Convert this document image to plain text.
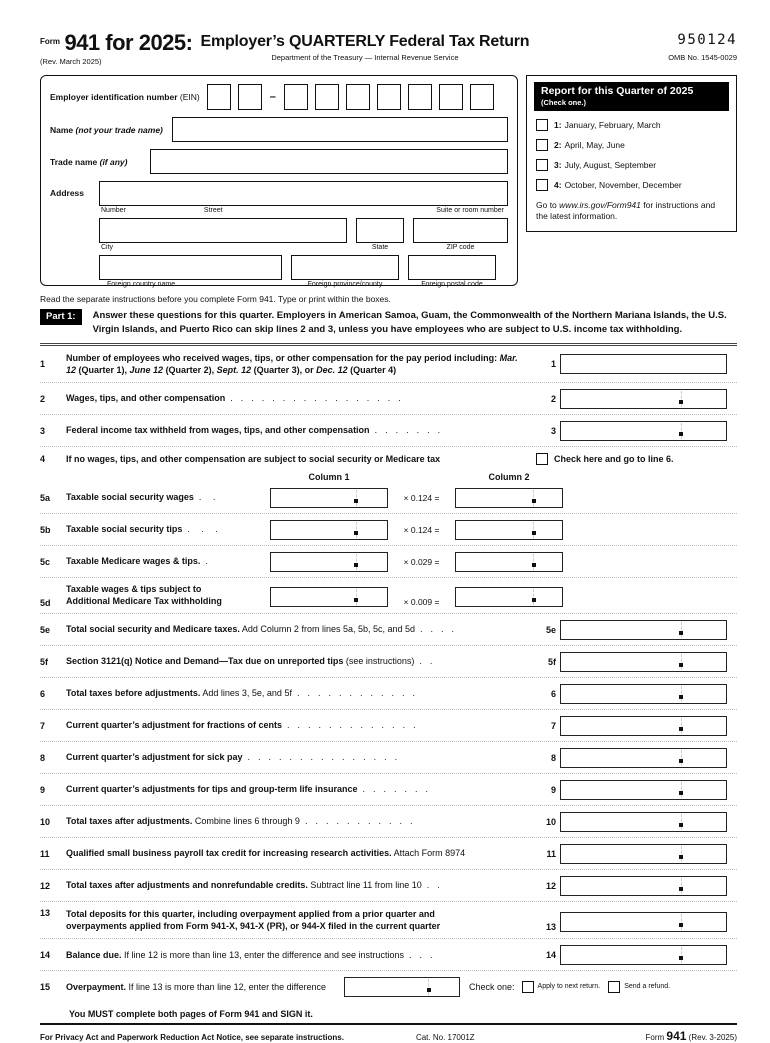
$^{Form}$ 941 for 2025:
(Rev. March 2025)
Employer’s QUARTERLY Federal Tax Return
Department of the Treasury — Internal Revenue Service
950124
OMB No. 1545-0029
Employer identification number (EIN)	–
Name (not your trade name)
Trade name (if any)
Address
Number	Street	Suite or room number
City	State	ZIP code
Foreign country name	Foreign province/county	Foreign postal code
Report for this Quarter of 2025
(Check one.)
1: January, February, March
2: April, May, June
3: July, August, September
4: October, November, December
Go to www.irs.gov/Form941 for instructions and the latest information.
Read the separate instructions before you complete Form 941. Type or print within the boxes.
Part 1:	Answer these questions for this quarter. Employers in American Samoa, Guam, the Commonwealth of the Northern Mariana Islands, the U.S. Virgin Islands, and Puerto Rico can skip lines 2 and 3, unless you have employees who are subject to U.S. income tax withholding.
1
Number of employees who received wages, tips, or other compensation for the pay period including: Mar. 12 (Quarter 1), June 12 (Quarter 2), Sept. 12 (Quarter 3), or Dec. 12 (Quarter 4)
1
2	Wages, tips, and other compensation .  .  .  .  .  .  .  .  .  .  .  .  .  .  .  .  .	2
3	Federal income tax withheld from wages, tips, and other compensation .  .  .  .  .  .  .	3
4	If no wages, tips, and other compensation are subject to social security or Medicare tax	Check here and go to line 6.
Column 1	Column 2
5a	Taxable social security wages .   .	× 0.124 =
5b	Taxable social security tips .   .   .	× 0.124 =
5c	Taxable Medicare wages & tips. .	× 0.029 =
5d
Taxable wages & tips subject to
Additional Medicare Tax withholding	× 0.009 =
5e	Total social security and Medicare taxes. Add Column 2 from lines 5a, 5b, 5c, and 5d .  .  .  .	5e
5f	Section 3121(q) Notice and Demand—Tax due on unreported tips (see instructions) .  .	5f
6	Total taxes before adjustments. Add lines 3, 5e, and 5f .  .  .  .  .  .  .  .  .  .  .  .	6
7	Current quarter’s adjustment for fractions of cents .  .  .  .  .  .  .  .  .  .  .  .  .	7
8	Current quarter’s adjustment for sick pay .  .  .  .  .  .  .  .  .  .  .  .  .  .  .	8
9	Current quarter’s adjustments for tips and group-term life insurance .  .  .  .  .  .  .	9
10	Total taxes after adjustments. Combine lines 6 through 9 .  .  .  .  .  .  .  .  .  .  .	10
11	Qualified small business payroll tax credit for increasing research activities. Attach Form 8974	11
12	Total taxes after adjustments and nonrefundable credits. Subtract line 11 from line 10 .  .	12
13	Total deposits for this quarter, including overpayment applied from a prior quarter and
overpayments applied from Form 941-X, 941-X (PR), or 944-X filed in the current quarter	13
14	Balance due. If line 12 is more than line 13, enter the difference and see instructions .  .  .	14
15	Overpayment. If line 13 is more than line 12, enter the difference	Check one:	Apply to next return.	Send a refund.
You MUST complete both pages of Form 941 and SIGN it.
For Privacy Act and Paperwork Reduction Act Notice, see separate instructions.	Cat. No. 17001Z	Form 941 (Rev. 3-2025)
